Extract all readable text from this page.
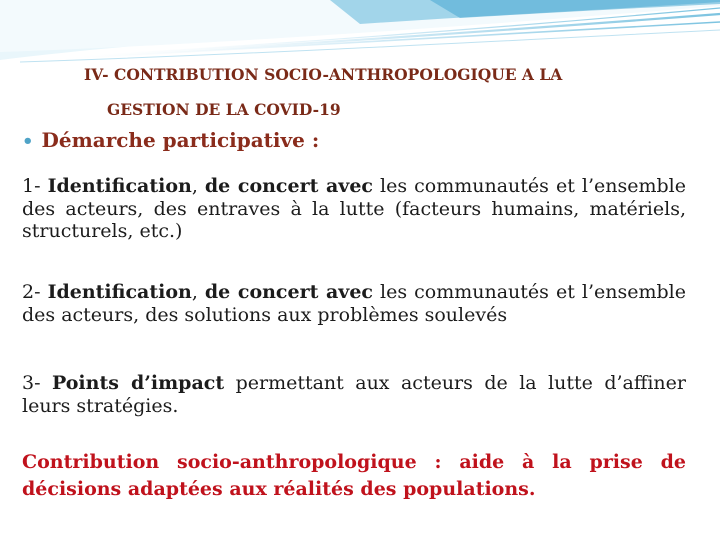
IV- CONTRIBUTION SOCIO-ANTHROPOLOGIQUE A LA
GESTION DE LA COVID-19
• Démarche participative :

1- Identification, de concert avec les communautés et l’ensemble des acteurs, des entraves à la lutte (facteurs humains, matériels, structurels, etc.)

2- Identification, de concert avec les communautés et l’ensemble des acteurs, des solutions aux problèmes soulevés

3- Points d’impact permettant aux acteurs de la lutte d’affiner leurs stratégies.

Contribution socio-anthropologique : aide à la prise de décisions adaptées aux réalités des populations.
